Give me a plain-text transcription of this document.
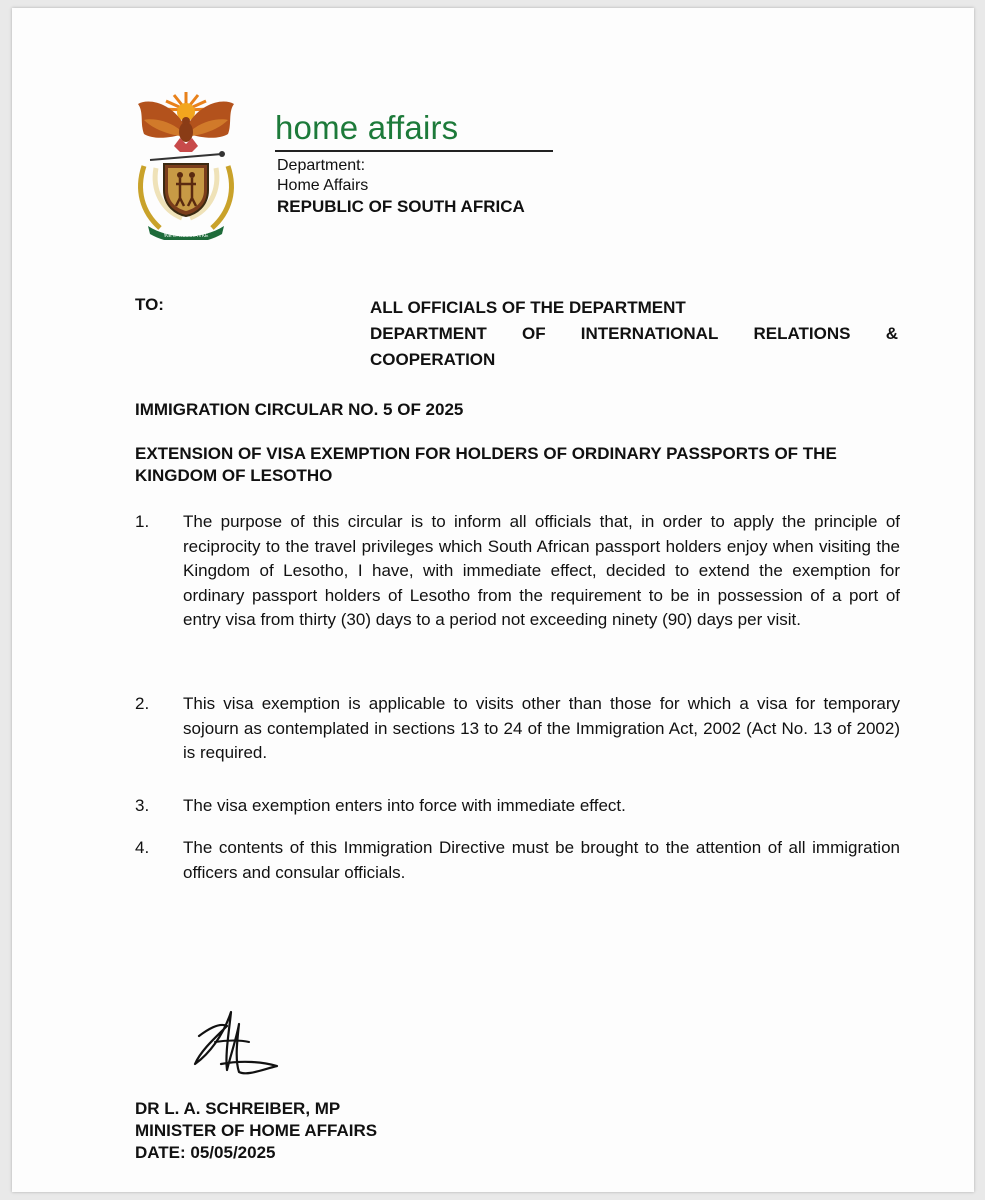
!KE E: /XARRA //KE
home affairs
Department:
Home Affairs
REPUBLIC OF SOUTH AFRICA
TO:	ALL OFFICIALS OF THE DEPARTMENT
DEPARTMENT OF INTERNATIONAL RELATIONS &
COOPERATION
IMMIGRATION CIRCULAR NO. 5 OF 2025
EXTENSION OF VISA EXEMPTION FOR HOLDERS OF ORDINARY PASSPORTS OF THE KINGDOM OF LESOTHO
1. The purpose of this circular is to inform all officials that, in order to apply the principle of reciprocity to the travel privileges which South African passport holders enjoy when visiting the Kingdom of Lesotho, I have, with immediate effect, decided to extend the exemption for ordinary passport holders of Lesotho from the requirement to be in possession of a port of entry visa from thirty (30) days to a period not exceeding ninety (90) days per visit.
2. This visa exemption is applicable to visits other than those for which a visa for temporary sojourn as contemplated in sections 13 to 24 of the Immigration Act, 2002 (Act No. 13 of 2002) is required.
3. The visa exemption enters into force with immediate effect.
4. The contents of this Immigration Directive must be brought to the attention of all immigration officers and consular officials.
DR L. A. SCHREIBER, MP
MINISTER OF HOME AFFAIRS
DATE: 05/05/2025
